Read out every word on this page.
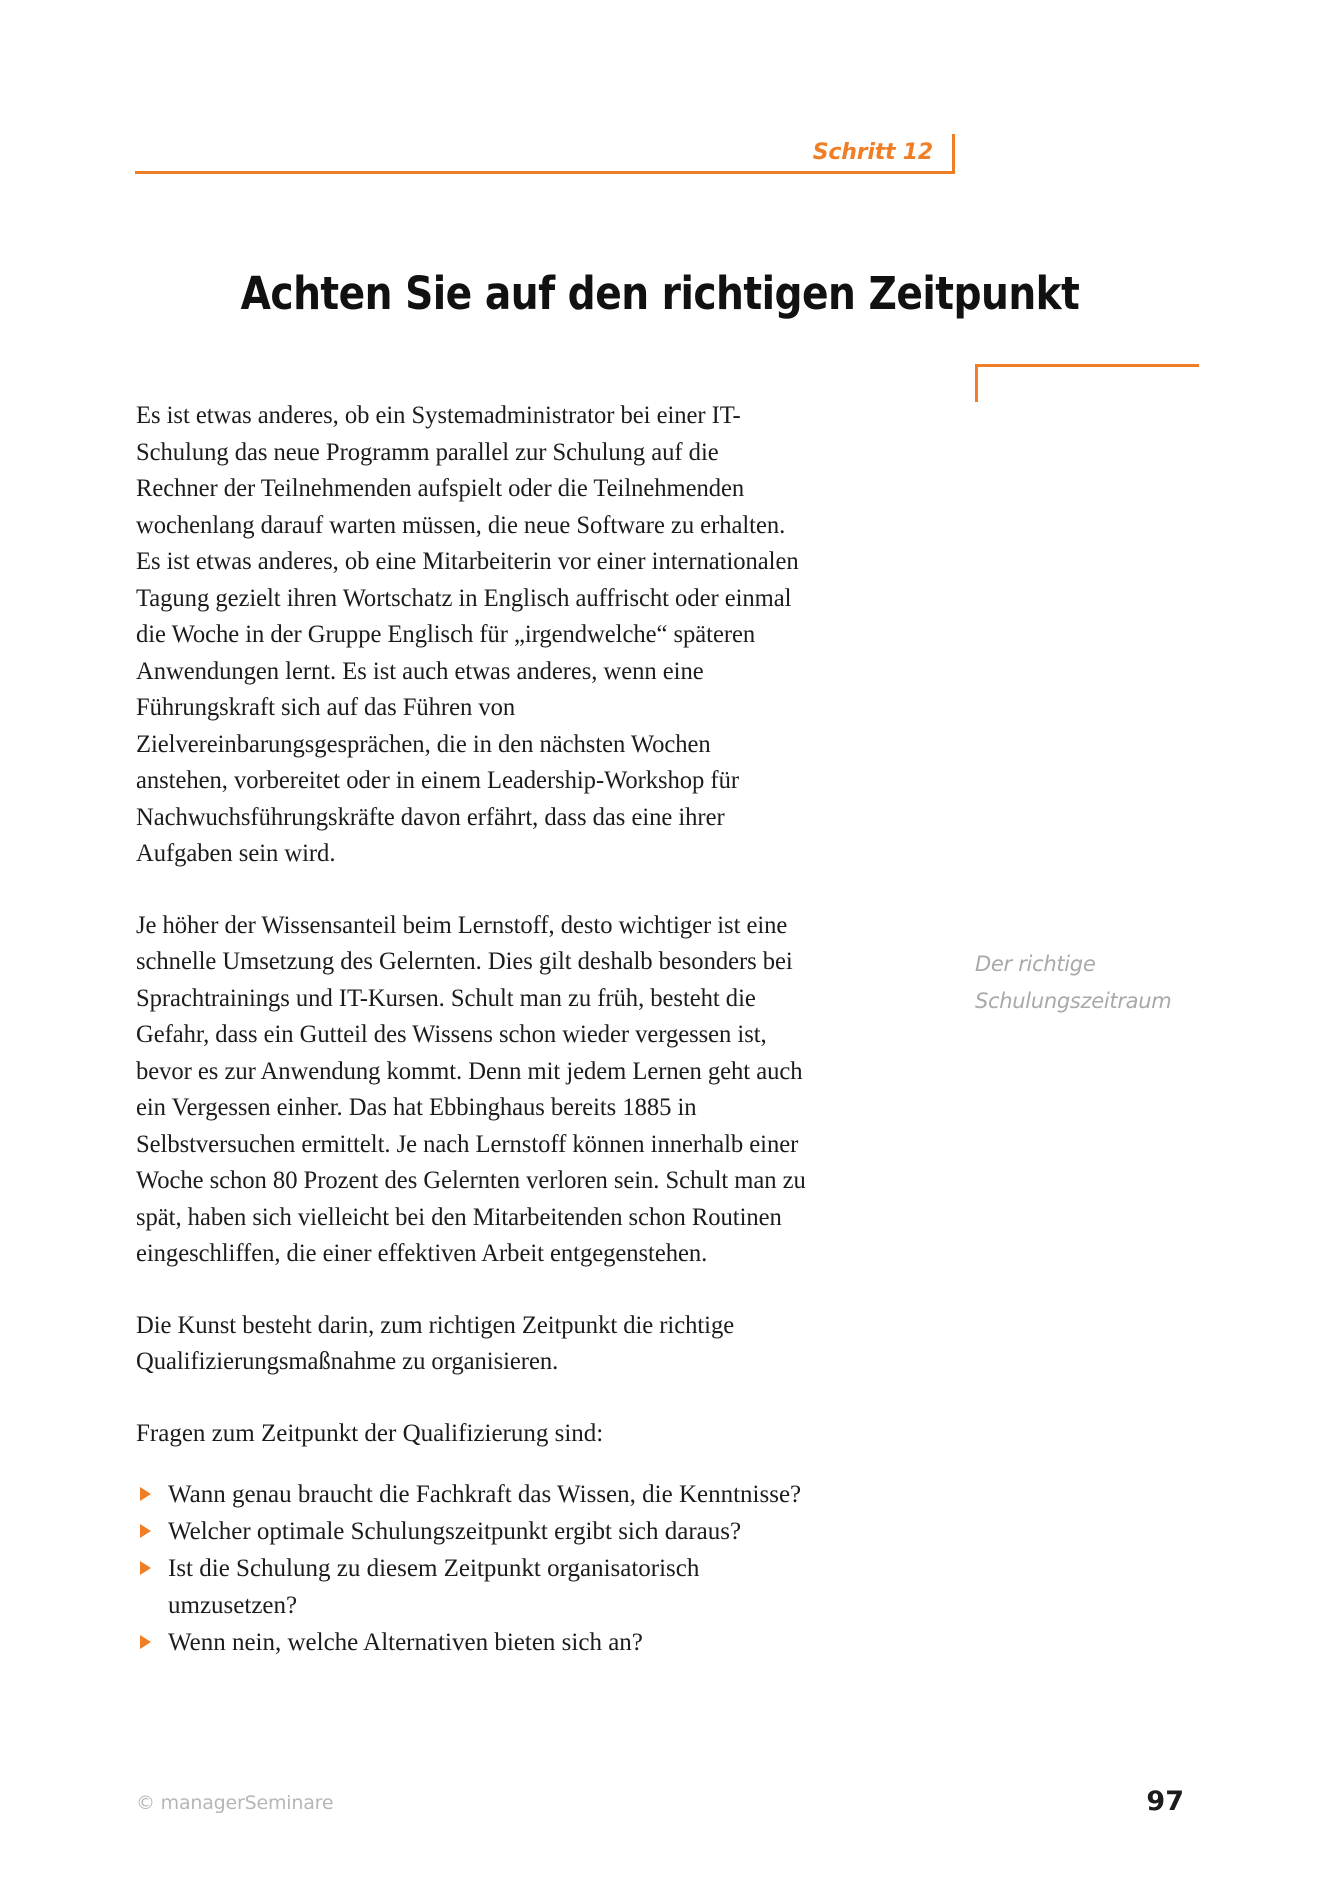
Schritt 12
Achten Sie auf den richtigen Zeitpunkt

Es ist etwas anderes, ob ein Systemadministrator bei einer IT-Schulung das neue Programm parallel zur Schulung auf die Rechner der Teilnehmenden aufspielt oder die Teilnehmenden wochenlang darauf warten müssen, die neue Software zu erhalten. Es ist etwas anderes, ob eine Mitarbeiterin vor einer internationalen Tagung gezielt ihren Wortschatz in Englisch auffrischt oder einmal die Woche in der Gruppe Englisch für „irgendwelche“ späteren Anwendungen lernt. Es ist auch etwas anderes, wenn eine Führungskraft sich auf das Führen von Zielvereinbarungsgesprächen, die in den nächsten Wochen anstehen, vorbereitet oder in einem Leadership-Workshop für Nachwuchsführungskräfte davon erfährt, dass das eine ihrer Aufgaben sein wird.

Je höher der Wissensanteil beim Lernstoff, desto wichtiger ist eine schnelle Umsetzung des Gelernten. Dies gilt deshalb besonders bei Sprachtrainings und IT-Kursen. Schult man zu früh, besteht die Gefahr, dass ein Gutteil des Wissens schon wieder vergessen ist, bevor es zur Anwendung kommt. Denn mit jedem Lernen geht auch ein Vergessen einher. Das hat Ebbinghaus bereits 1885 in Selbstversuchen ermittelt. Je nach Lernstoff können innerhalb einer Woche schon 80 Prozent des Gelernten verloren sein. Schult man zu spät, haben sich vielleicht bei den Mitarbeitenden schon Routinen eingeschliffen, die einer effektiven Arbeit entgegenstehen.

Die Kunst besteht darin, zum richtigen Zeitpunkt die richtige Qualifizierungsmaßnahme zu organisieren.

Fragen zum Zeitpunkt der Qualifizierung sind:

Wann genau braucht die Fachkraft das Wissen, die Kenntnisse?
Welcher optimale Schulungszeitpunkt ergibt sich daraus?
Ist die Schulung zu diesem Zeitpunkt organisatorisch umzusetzen?
Wenn nein, welche Alternativen bieten sich an?
Der richtige
Schulungszeitraum
© managerSeminare	97
